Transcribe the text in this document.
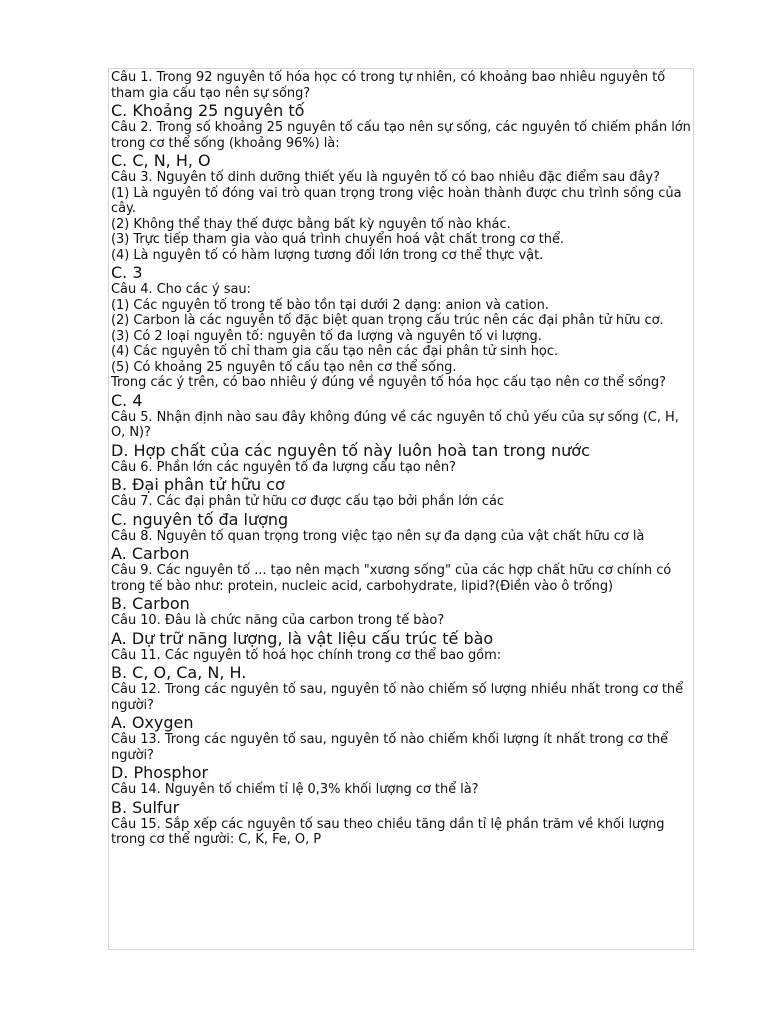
Câu 1. Trong 92 nguyên tố hóa học có trong tự nhiên, có khoảng bao nhiêu nguyên tố tham gia cấu tạo nên sự sống?
C. Khoảng 25 nguyên tố
Câu 2. Trong số khoảng 25 nguyên tố cấu tạo nên sự sống, các nguyên tố chiếm phần lớn trong cơ thể sống (khoảng 96%) là:
C. C, N, H, O
Câu 3. Nguyên tố dinh dưỡng thiết yếu là nguyên tố có bao nhiêu đặc điểm sau đây?
(1) Là nguyên tố đóng vai trò quan trọng trong việc hoàn thành được chu trình sống của cây.
(2) Không thể thay thế được bằng bất kỳ nguyên tố nào khác.
(3) Trực tiếp tham gia vào quá trình chuyển hoá vật chất trong cơ thể.
(4) Là nguyên tố có hàm lượng tương đối lớn trong cơ thể thực vật.
C. 3
Câu 4. Cho các ý sau:
(1) Các nguyên tố trong tế bào tồn tại dưới 2 dạng: anion và cation.
(2) Carbon là các nguyên tố đặc biệt quan trọng cấu trúc nên các đại phân tử hữu cơ.
(3) Có 2 loại nguyên tố: nguyên tố đa lượng và nguyên tố vi lượng.
(4) Các nguyên tố chỉ tham gia cấu tạo nên các đại phân tử sinh học.
(5) Có khoảng 25 nguyên tố cấu tạo nên cơ thể sống.
Trong các ý trên, có bao nhiêu ý đúng về nguyên tố hóa học cấu tạo nên cơ thể sống?
C. 4
Câu 5. Nhận định nào sau đây không đúng về các nguyên tố chủ yếu của sự sống (C, H, O, N)?
D. Hợp chất của các nguyên tố này luôn hoà tan trong nước
Câu 6. Phần lớn các nguyên tố đa lượng cấu tạo nên?
B. Đại phân tử hữu cơ
Câu 7. Các đại phân tử hữu cơ được cấu tạo bởi phần lớn các
C. nguyên tố đa lượng
Câu 8. Nguyên tố quan trọng trong việc tạo nên sự đa dạng của vật chất hữu cơ là
A. Carbon
Câu 9. Các nguyên tố ... tạo nên mạch "xương sống" của các hợp chất hữu cơ chính có trong tế bào như: protein, nucleic acid, carbohydrate, lipid?(Điền vào ô trống)
B. Carbon
Câu 10. Đâu là chức năng của carbon trong tế bào?
A. Dự trữ năng lượng, là vật liệu cấu trúc tế bào
Câu 11. Các nguyên tố hoá học chính trong cơ thể bao gồm:
B. C, O, Ca, N, H.
Câu 12. Trong các nguyên tố sau, nguyên tố nào chiếm số lượng nhiều nhất trong cơ thể người?
A. Oxygen
Câu 13. Trong các nguyên tố sau, nguyên tố nào chiếm khối lượng ít nhất trong cơ thể người?
D. Phosphor
Câu 14. Nguyên tố chiếm tỉ lệ 0,3% khối lượng cơ thể là?
B. Sulfur
Câu 15. Sắp xếp các nguyên tố sau theo chiều tăng dần tỉ lệ phần trăm về khối lượng trong cơ thể người: C, K, Fe, O, P
